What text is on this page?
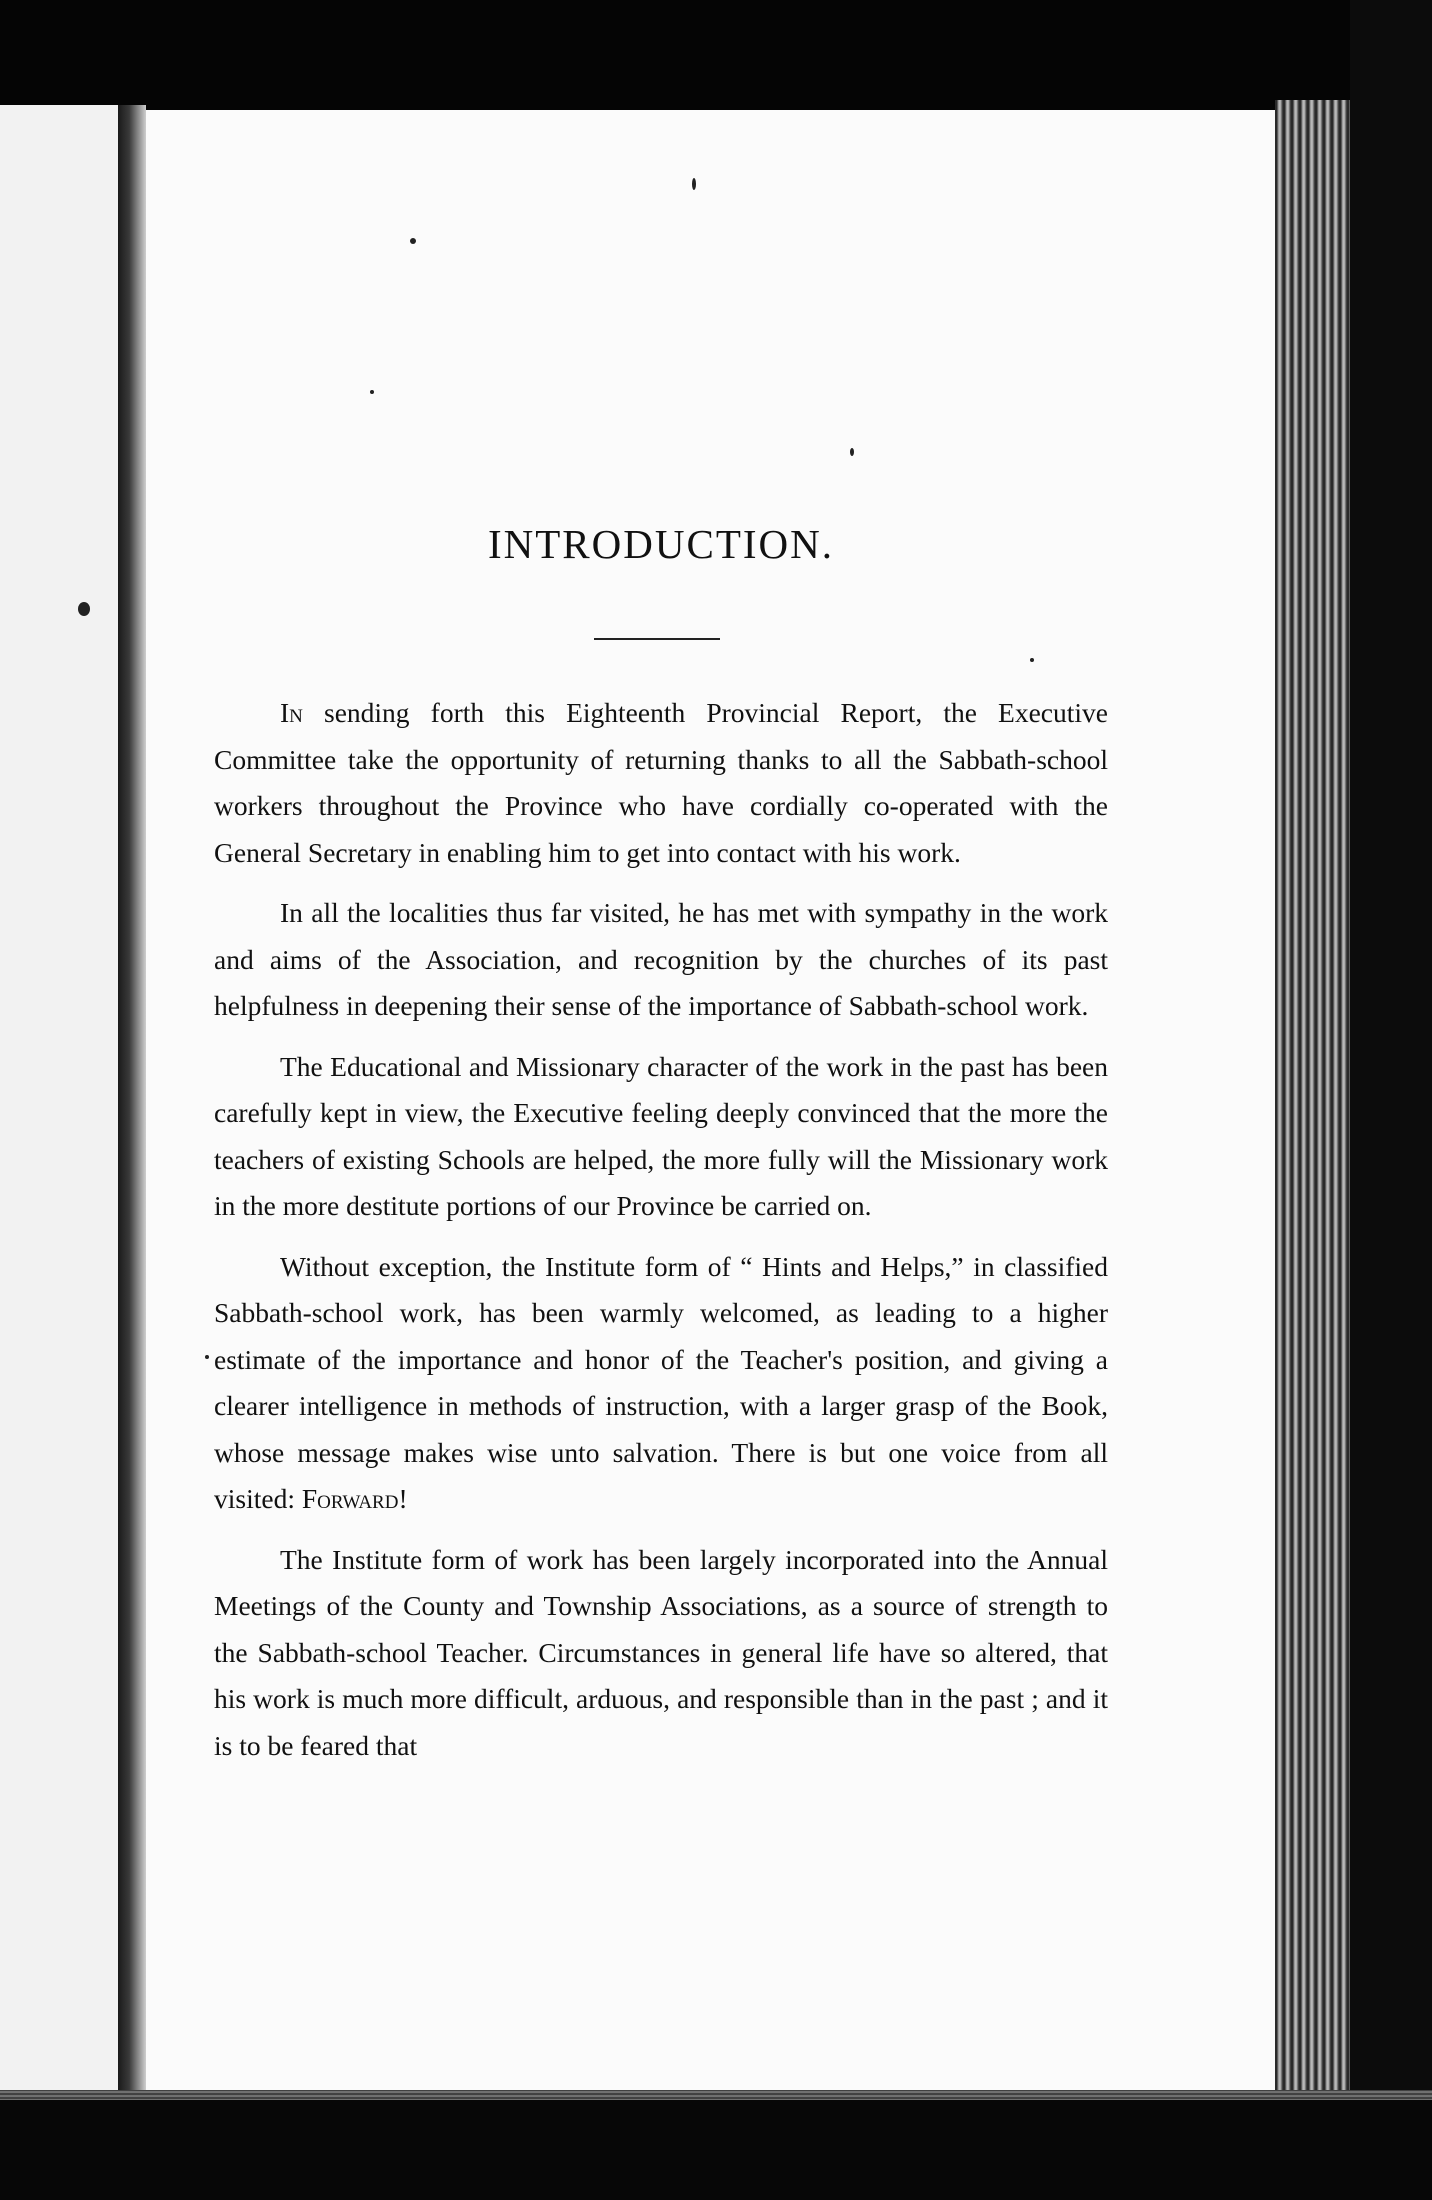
INTRODUCTION.

In sending forth this Eighteenth Provincial Report, the Executive Committee take the opportunity of returning thanks to all the Sabbath-school workers throughout the Province who have cordially co-operated with the General Secretary in enabling him to get into contact with his work.

In all the localities thus far visited, he has met with sympathy in the work and aims of the Association, and recognition by the churches of its past helpfulness in deepening their sense of the importance of Sabbath-school work.

The Educational and Missionary character of the work in the past has been carefully kept in view, the Executive feeling deeply convinced that the more the teachers of existing Schools are helped, the more fully will the Missionary work in the more destitute portions of our Province be carried on.

Without exception, the Institute form of “ Hints and Helps,” in classified Sabbath-school work, has been warmly welcomed, as leading to a higher estimate of the importance and honor of the Teacher's position, and giving a clearer intelligence in methods of instruction, with a larger grasp of the Book, whose message makes wise unto salvation. There is but one voice from all visited: Forward!

The Institute form of work has been largely incorporated into the Annual Meetings of the County and Township Associations, as a source of strength to the Sabbath-school Teacher. Circumstances in general life have so altered, that his work is much more difficult, arduous, and responsible than in the past ; and it is to be feared that
